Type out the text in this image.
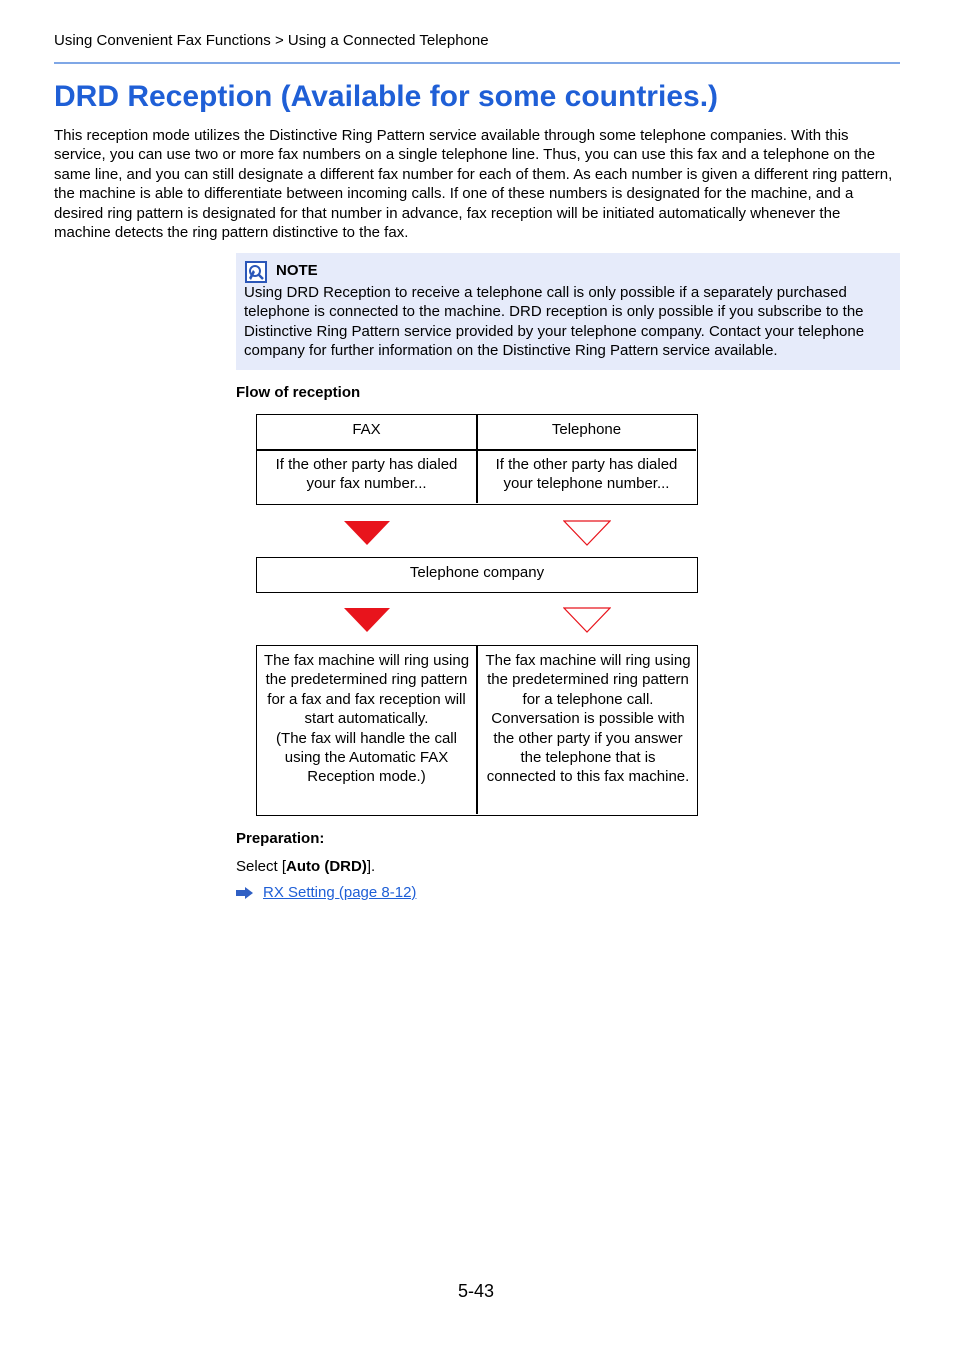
Using Convenient Fax Functions > Using a Connected Telephone
DRD Reception (Available for some countries.)

This reception mode utilizes the Distinctive Ring Pattern service available through some telephone companies. With this service, you can use two or more fax numbers on a single telephone line. Thus, you can use this fax and a telephone on the same line, and you can still designate a different fax number for each of them. As each number is given a different ring pattern, the machine is able to differentiate between incoming calls. If one of these numbers is designated for the machine, and a desired ring pattern is designated for that number in advance, fax reception will be initiated automatically whenever the machine detects the ring pattern distinctive to the fax.

NOTE

Using DRD Reception to receive a telephone call is only possible if a separately purchased telephone is connected to the machine. DRD reception is only possible if you subscribe to the Distinctive Ring Pattern service provided by your telephone company. Contact your telephone company for further information on the Distinctive Ring Pattern service available.

Flow of reception
FAX	Telephone
If the other party has dialed your fax number...
If the other party has dialed your telephone number...
Telephone company
The fax machine will ring using the predetermined ring pattern for a fax and fax reception will start automatically.
(The fax will handle the call using the Automatic FAX Reception mode.)
The fax machine will ring using the predetermined ring pattern for a telephone call. Conversation is possible with the other party if you answer the telephone that is connected to this fax machine.
Preparation:
Select [Auto (DRD)].
RX Setting (page 8-12)
5-43
